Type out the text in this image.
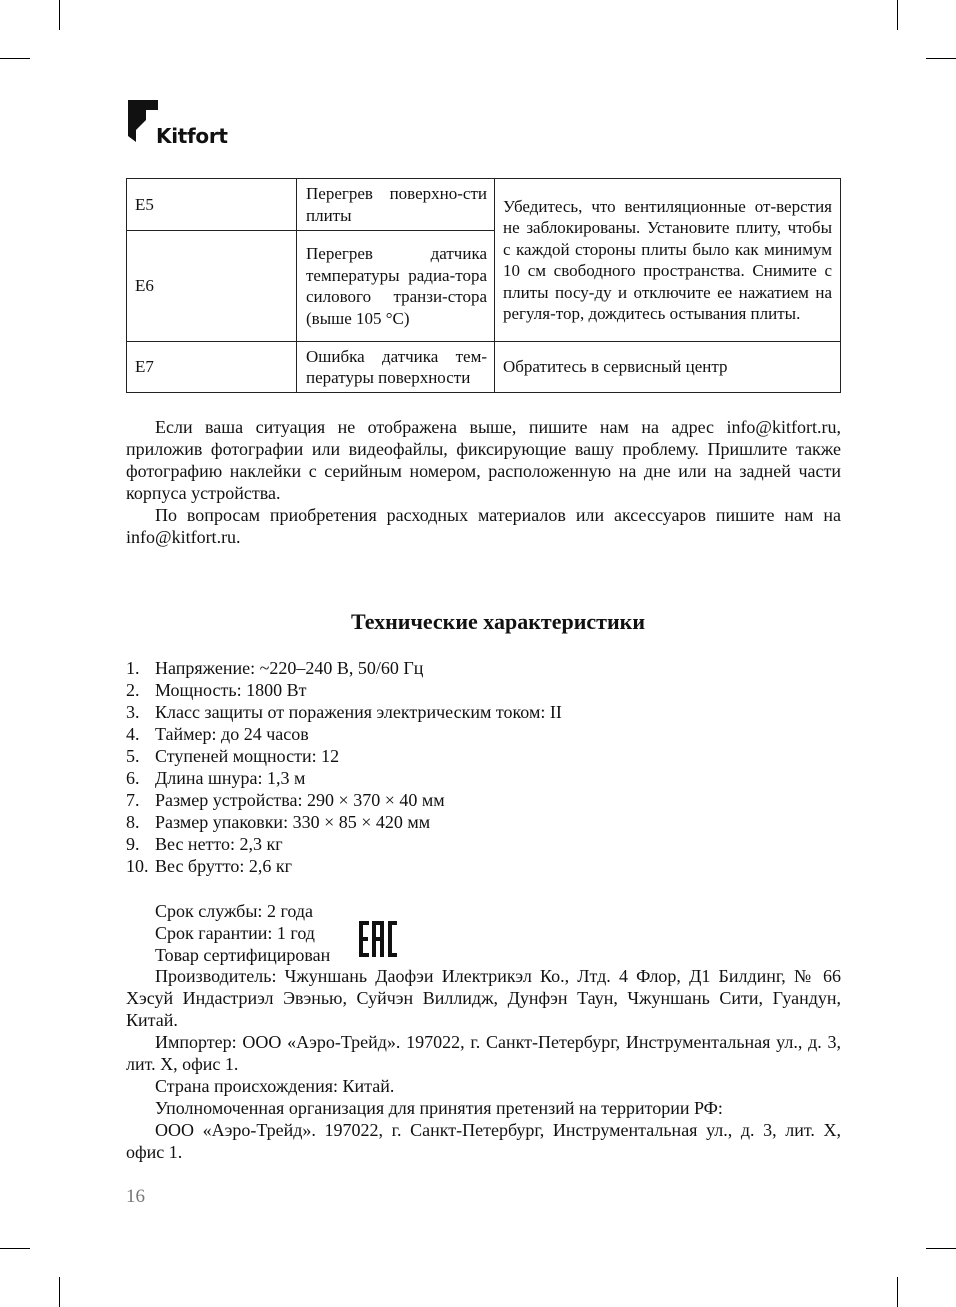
Kitfort
E5	Перегрев поверхно-сти плиты	Убедитесь, что вентиляционные от-верстия не заблокированы. Установите плиту, чтобы с каждой стороны плиты было как минимум 10 см свободного пространства. Снимите с плиты посу-ду и отключите ее нажатием на регуля-тор, дождитесь остывания плиты.
E6	Перегрев датчика температуры радиа-тора силового транзи-стора (выше 105 °С)	
E7	Ошибка датчика тем-пературы поверхности	Обратитесь в сервисный центр

Если ваша ситуация не отображена выше, пишите нам на адрес info@kitfort.ru, приложив фотографии или видеофайлы, фиксирующие вашу проблему. Пришлите также фотографию наклейки с серийным номером, расположенную на дне или на задней части корпуса устройства.

По вопросам приобретения расходных материалов или аксессуаров пишите нам на info@kitfort.ru.

Технические характеристики
1. Напряжение: ~220–240 В, 50/60 Гц
2. Мощность: 1800 Вт
3. Класс защиты от поражения электрическим током: II
4. Таймер: до 24 часов
5. Ступеней мощности: 12
6. Длина шнура: 1,3 м
7. Размер устройства: 290 × 370 × 40 мм
8. Размер упаковки: 330 × 85 × 420 мм
9. Вес нетто: 2,3 кг
10. Вес брутто: 2,6 кг
Срок службы: 2 года
Срок гарантии: 1 год
Товар сертифицирован

Производитель: Чжуншань Даофэи Илектрикэл Ко., Лтд. 4 Флор, Д1 Билдинг, № 66 Хэсуй Индастриэл Эвэнью, Суйчэн Виллидж, Дунфэн Таун, Чжуншань Сити, Гуандун, Китай.

Импортер: ООО «Аэро-Трейд». 197022, г. Санкт-Петербург, Инструментальная ул., д. 3, лит. Х, офис 1.

Страна происхождения: Китай.

Уполномоченная организация для принятия претензий на территории РФ:

ООО «Аэро-Трейд». 197022, г. Санкт-Петербург, Инструментальная ул., д. 3, лит. Х, офис 1.

16
